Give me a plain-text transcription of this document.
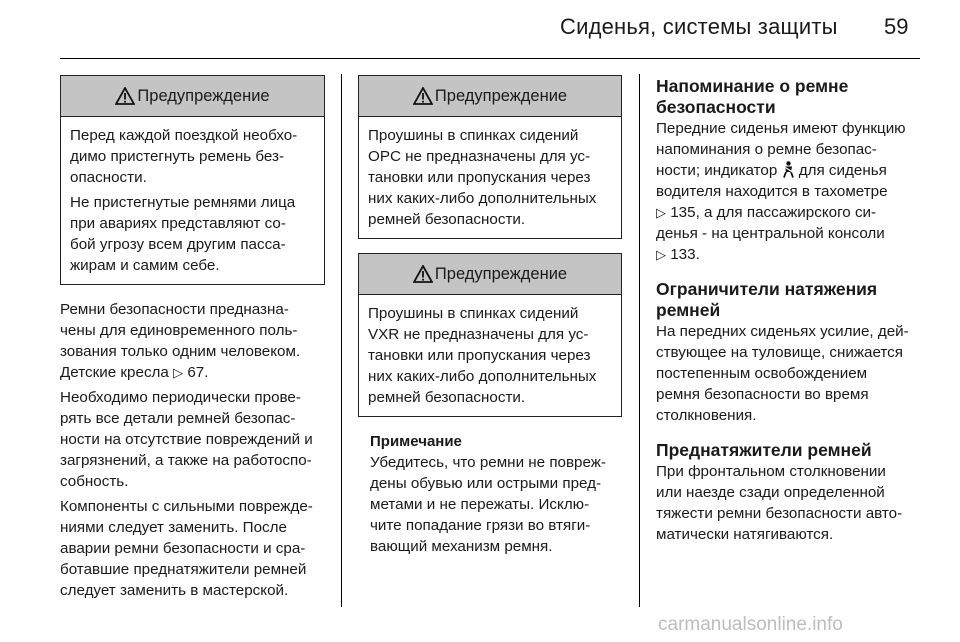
Сиденья, системы защиты 59
Предупреждение

Перед каждой поездкой необхо-
димо пристегнуть ремень без-
опасности.

Не пристегнутые ремнями лица
при авариях представляют со-
бой угрозу всем другим пасса-
жирам и самим себе.

Ремни безопасности предназна-
чены для единовременного поль-
зования только одним человеком.
Детские кресла ▷ 67.

Необходимо периодически прове-
рять все детали ремней безопас-
ности на отсутствие повреждений и
загрязнений, а также на работоспо-
собность.

Компоненты с сильными поврежде-
ниями следует заменить. После
аварии ремни безопасности и сра-
ботавшие преднатяжители ремней
следует заменить в мастерской.

Предупреждение

Проушины в спинках сидений
OPC не предназначены для ус-
тановки или пропускания через
них каких-либо дополнительных
ремней безопасности.

Предупреждение

Проушины в спинках сидений
VXR не предназначены для ус-
тановки или пропускания через
них каких-либо дополнительных
ремней безопасности.

Примечание

Убедитесь, что ремни не повреж-
дены обувью или острыми пред-
метами и не пережаты. Исклю-
чите попадание грязи во втяги-
вающий механизм ремня.

Напоминание о ремне
безопасности

Передние сиденья имеют функцию
напоминания о ремне безопас-
ности; индикатор для сиденья
водителя находится в тахометре
▷ 135, а для пассажирского си-
денья - на центральной консоли
▷ 133.

Ограничители натяжения
ремней

На передних сиденьях усилие, дей-
ствующее на туловище, снижается
постепенным освобождением
ремня безопасности во время
столкновения.

Преднатяжители ремней

При фронтальном столкновении
или наезде сзади определенной
тяжести ремни безопасности авто-
матически натягиваются.

carmanualsonline.info
